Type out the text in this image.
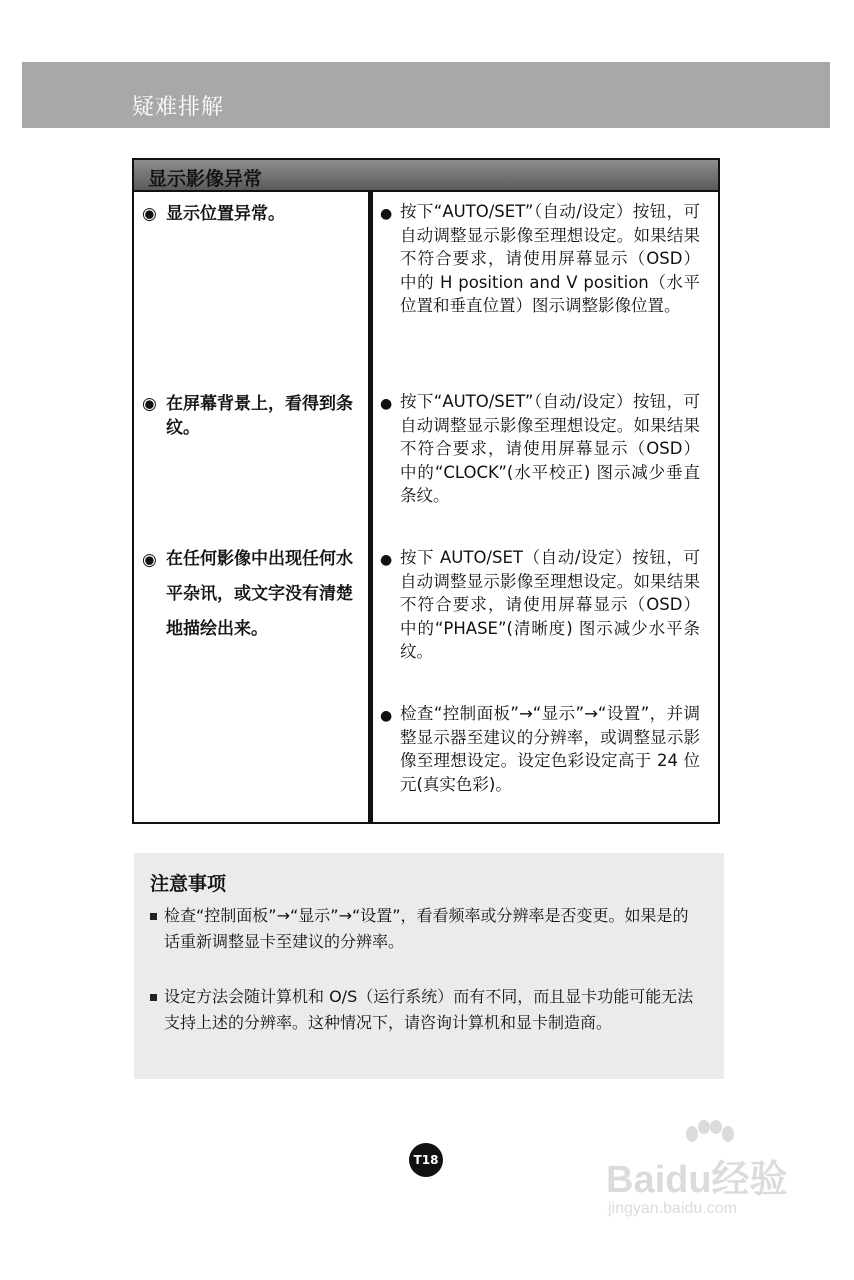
疑难排解
显示影像异常
◉ 显示位置异常。	● 按下“AUTO/SET”（自动/设定）按钮，可自动调整显示影像至理想设定。如果结果不符合要求，请使用屏幕显示（OSD）中的 H position and V position（水平位置和垂直位置）图示调整影像位置。
◉ 在屏幕背景上，看得到条纹。
● 按下“AUTO/SET”（自动/设定）按钮，可自动调整显示影像至理想设定。如果结果不符合要求，请使用屏幕显示（OSD）中的“CLOCK”(水平校正) 图示减少垂直条纹。
◉ 在任何影像中出现任何水平杂讯，或文字没有清楚地描绘出来。
● 按下 AUTO/SET（自动/设定）按钮，可自动调整显示影像至理想设定。如果结果不符合要求，请使用屏幕显示（OSD）中的“PHASE”(清晰度) 图示减少水平条纹。
● 检查“控制面板”→“显示”→“设置”，并调整显示器至建议的分辨率，或调整显示影像至理想设定。设定色彩设定高于 24 位元(真实色彩)。
注意事项
检查“控制面板”→“显示”→“设置”，看看频率或分辨率是否变更。如果是的话重新调整显卡至建议的分辨率。
设定方法会随计算机和 O/S（运行系统）而有不同，而且显卡功能可能无法支持上述的分辨率。这种情况下，请咨询计算机和显卡制造商。
T18	Baidu经验
jingyan.baidu.com
